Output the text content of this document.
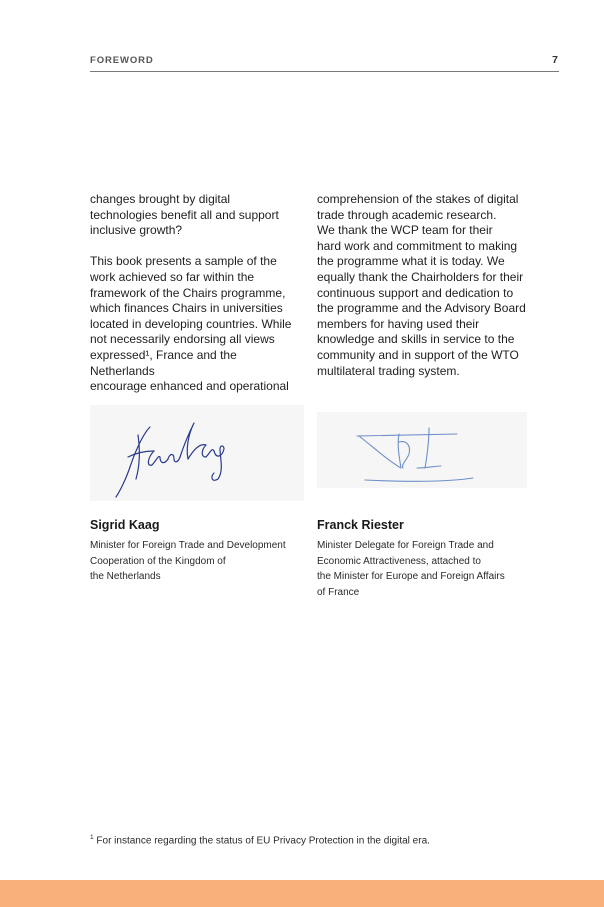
FOREWORD	7

changes brought by digital
technologies benefit all and support
inclusive growth?

This book presents a sample of the
work achieved so far within the
framework of the Chairs programme,
which finances Chairs in universities
located in developing countries. While
not necessarily endorsing all views
expressed¹, France and the Netherlands
encourage enhanced and operational

comprehension of the stakes of digital
trade through academic research.

We thank the WCP team for their
hard work and commitment to making
the programme what it is today. We
equally thank the Chairholders for their
continuous support and dedication to
the programme and the Advisory Board
members for having used their
knowledge and skills in service to the
community and in support of the WTO
multilateral trading system.

Sigrid Kaag

Minister for Foreign Trade and Development
Cooperation of the Kingdom of
the Netherlands

Franck Riester

Minister Delegate for Foreign Trade and
Economic Attractiveness, attached to
the Minister for Europe and Foreign Affairs
of France

$^1$ For instance regarding the status of EU Privacy Protection in the digital era.
